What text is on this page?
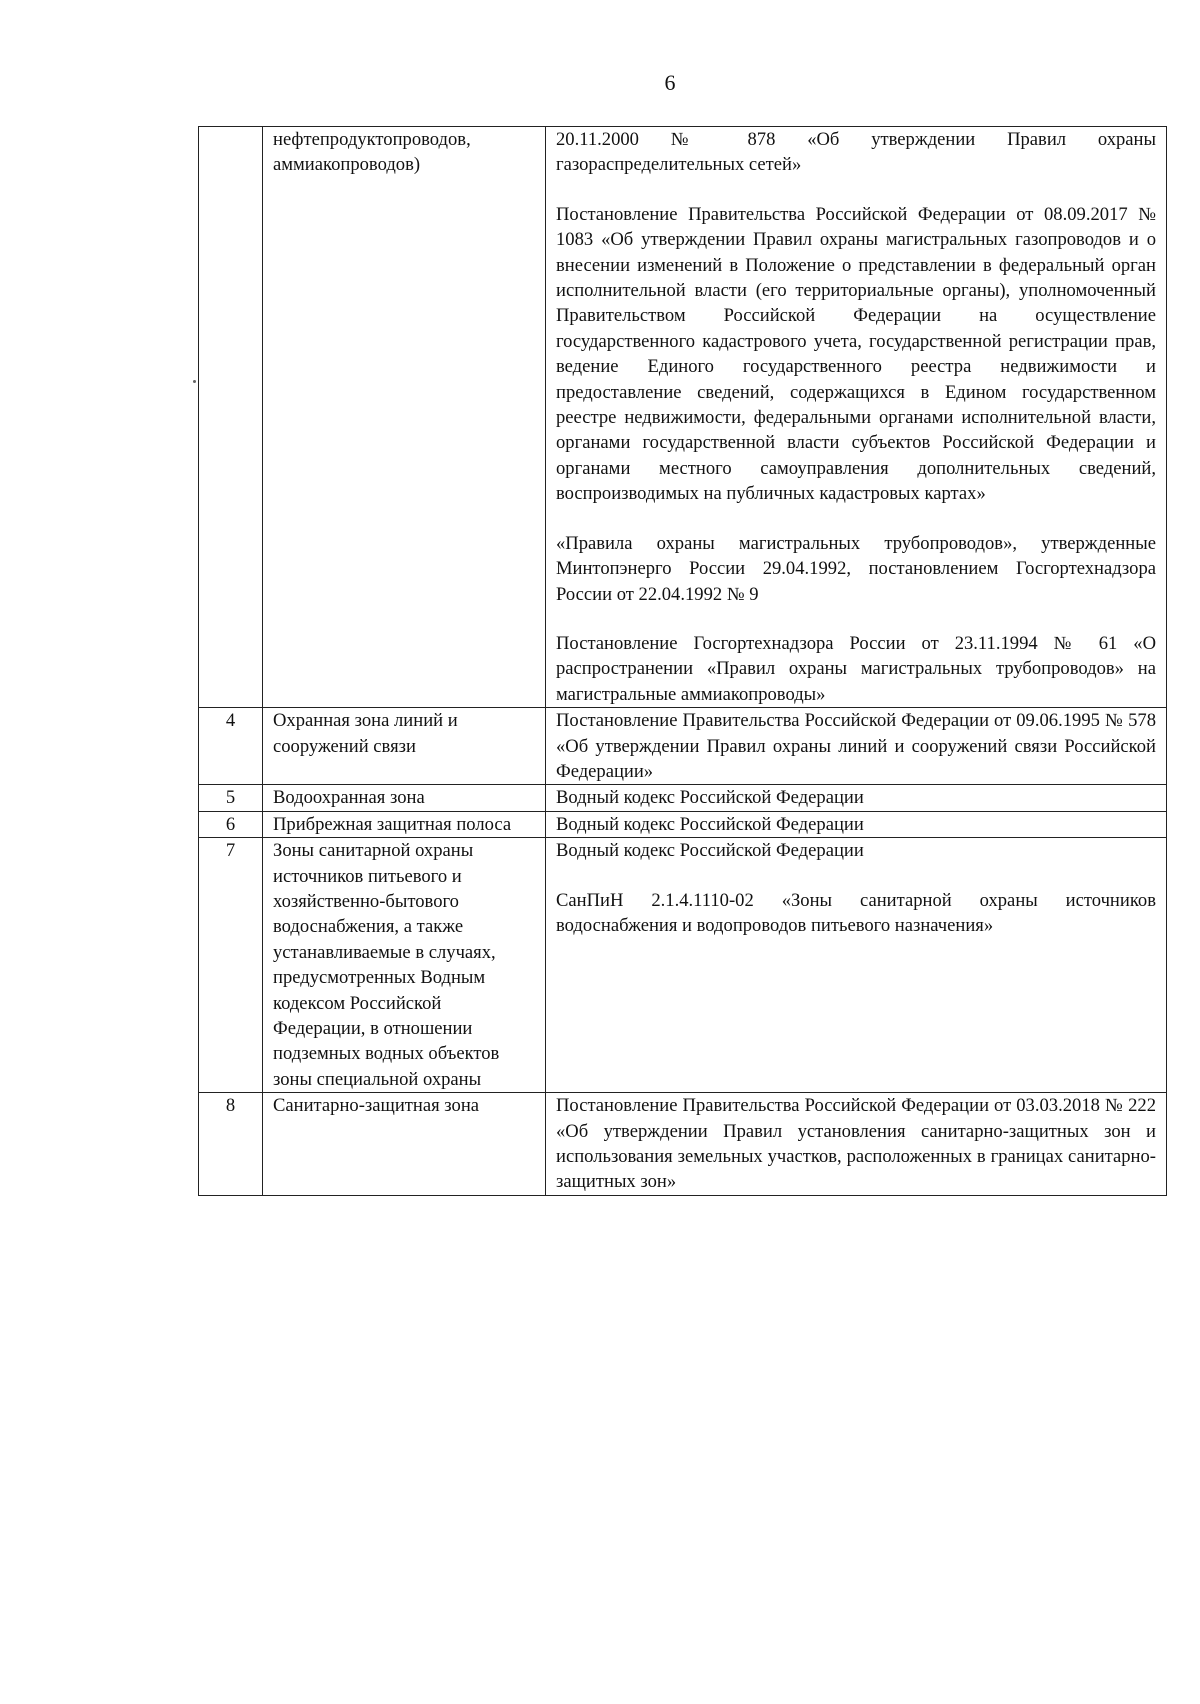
6
	нефтепродуктопроводов, аммиакопроводов)	20.11.2000 № 878 «Об утверждении Правил охраны газораспределительных сетей»

Постановление Правительства Российской Федерации от 08.09.2017 № 1083 «Об утверждении Правил охраны магистральных газопроводов и о внесении изменений в Положение о представлении в федеральный орган исполнительной власти (его территориальные органы), уполномоченный Правительством Российской Федерации на осуществление государственного кадастрового учета, государственной регистрации прав, ведение Единого государственного реестра недвижимости и предоставление сведений, содержащихся в Едином государственном реестре недвижимости, федеральными органами исполнительной власти, органами государственной власти субъектов Российской Федерации и органами местного самоуправления дополнительных сведений, воспроизводимых на публичных кадастровых картах»

«Правила охраны магистральных трубопроводов», утвержденные Минтопэнерго России 29.04.1992, постановлением Госгортехнадзора России от 22.04.1992 № 9

Постановление Госгортехнадзора России от 23.11.1994 № 61 «О распространении «Правил охраны магистральных трубопроводов» на магистральные аммиакопроводы»

4	Охранная зона линий и сооружений связи	Постановление Правительства Российской Федерации от 09.06.1995 № 578 «Об утверждении Правил охраны линий и сооружений связи Российской Федерации»

5	Водоохранная зона	Водный кодекс Российской Федерации

6	Прибрежная защитная полоса	Водный кодекс Российской Федерации

7	Зоны санитарной охраны источников питьевого и хозяйственно-бытового водоснабжения, а также устанавливаемые в случаях, предусмотренных Водным кодексом Российской Федерации, в отношении подземных водных объектов зоны специальной охраны	Водный кодекс Российской Федерации

СанПиН 2.1.4.1110-02 «Зоны санитарной охраны источников водоснабжения и водопроводов питьевого назначения»

8	Санитарно-защитная зона	Постановление Правительства Российской Федерации от 03.03.2018 № 222 «Об утверждении Правил установления санитарно-защитных зон и использования земельных участков, расположенных в границах санитарно-защитных зон»
